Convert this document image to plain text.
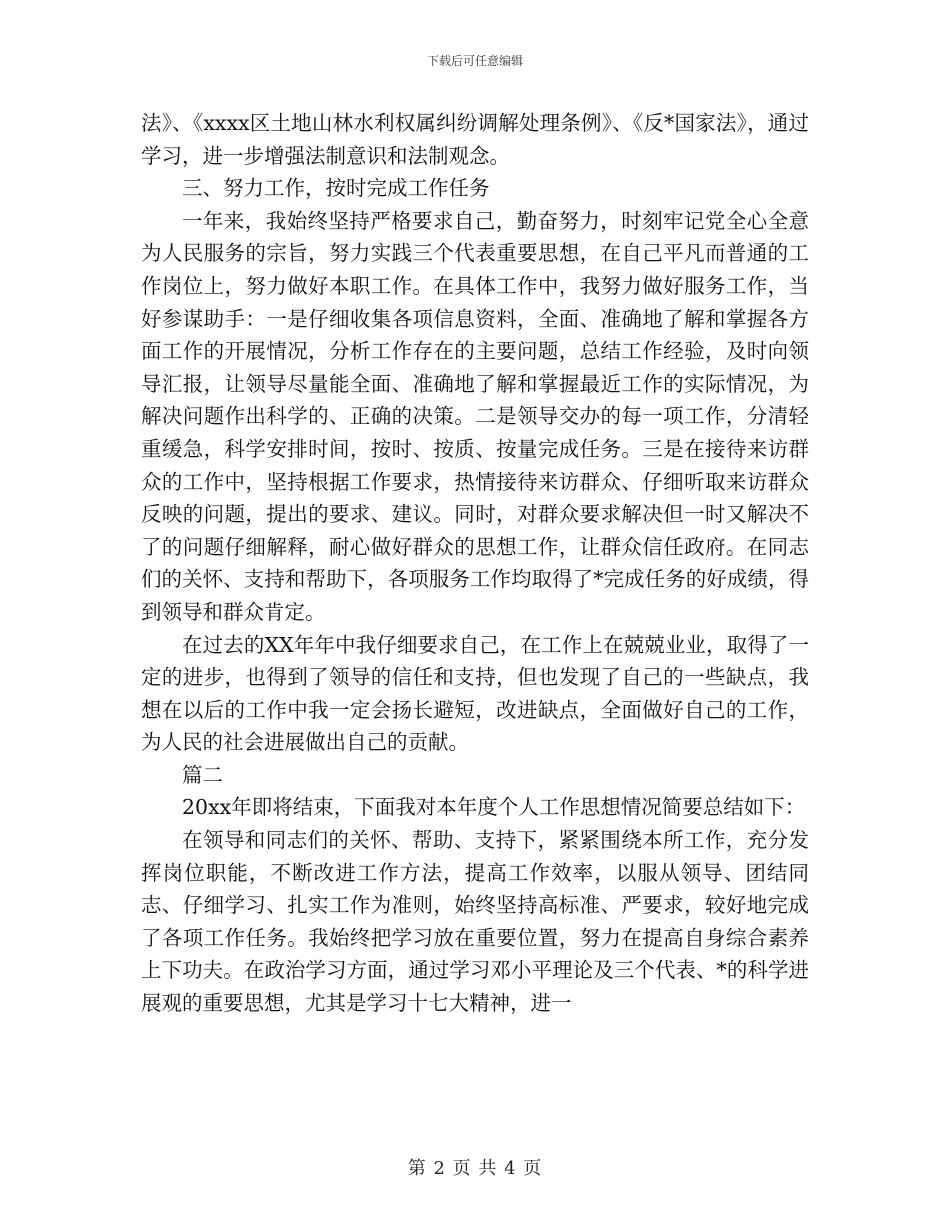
下载后可任意编辑

法》、《xxxx区土地山林水利权属纠纷调解处理条例》、《反*国家法》，通过学习，进一步增强法制意识和法制观念。

三、努力工作，按时完成工作任务

一年来，我始终坚持严格要求自己，勤奋努力，时刻牢记党全心全意为人民服务的宗旨，努力实践三个代表重要思想，在自己平凡而普通的工作岗位上，努力做好本职工作。在具体工作中，我努力做好服务工作，当好参谋助手：一是仔细收集各项信息资料，全面、准确地了解和掌握各方面工作的开展情况，分析工作存在的主要问题，总结工作经验，及时向领导汇报，让领导尽量能全面、准确地了解和掌握最近工作的实际情况，为解决问题作出科学的、正确的决策。二是领导交办的每一项工作，分清轻重缓急，科学安排时间，按时、按质、按量完成任务。三是在接待来访群众的工作中，坚持根据工作要求，热情接待来访群众、仔细听取来访群众反映的问题，提出的要求、建议。同时，对群众要求解决但一时又解决不了的问题仔细解释，耐心做好群众的思想工作，让群众信任政府。在同志们的关怀、支持和帮助下，各项服务工作均取得了*完成任务的好成绩，得到领导和群众肯定。

在过去的XX年年中我仔细要求自己，在工作上在兢兢业业，取得了一定的进步，也得到了领导的信任和支持，但也发现了自己的一些缺点，我想在以后的工作中我一定会扬长避短，改进缺点，全面做好自己的工作，为人民的社会进展做出自己的贡献。

篇二

20xx年即将结束，下面我对本年度个人工作思想情况简要总结如下：

在领导和同志们的关怀、帮助、支持下，紧紧围绕本所工作，充分发挥岗位职能，不断改进工作方法，提高工作效率，以服从领导、团结同志、仔细学习、扎实工作为准则，始终坚持高标准、严要求，较好地完成了各项工作任务。我始终把学习放在重要位置，努力在提高自身综合素养上下功夫。在政治学习方面，通过学习邓小平理论及三个代表、*的科学进展观的重要思想，尤其是学习十七大精神，进一

第 2 页 共 4 页
